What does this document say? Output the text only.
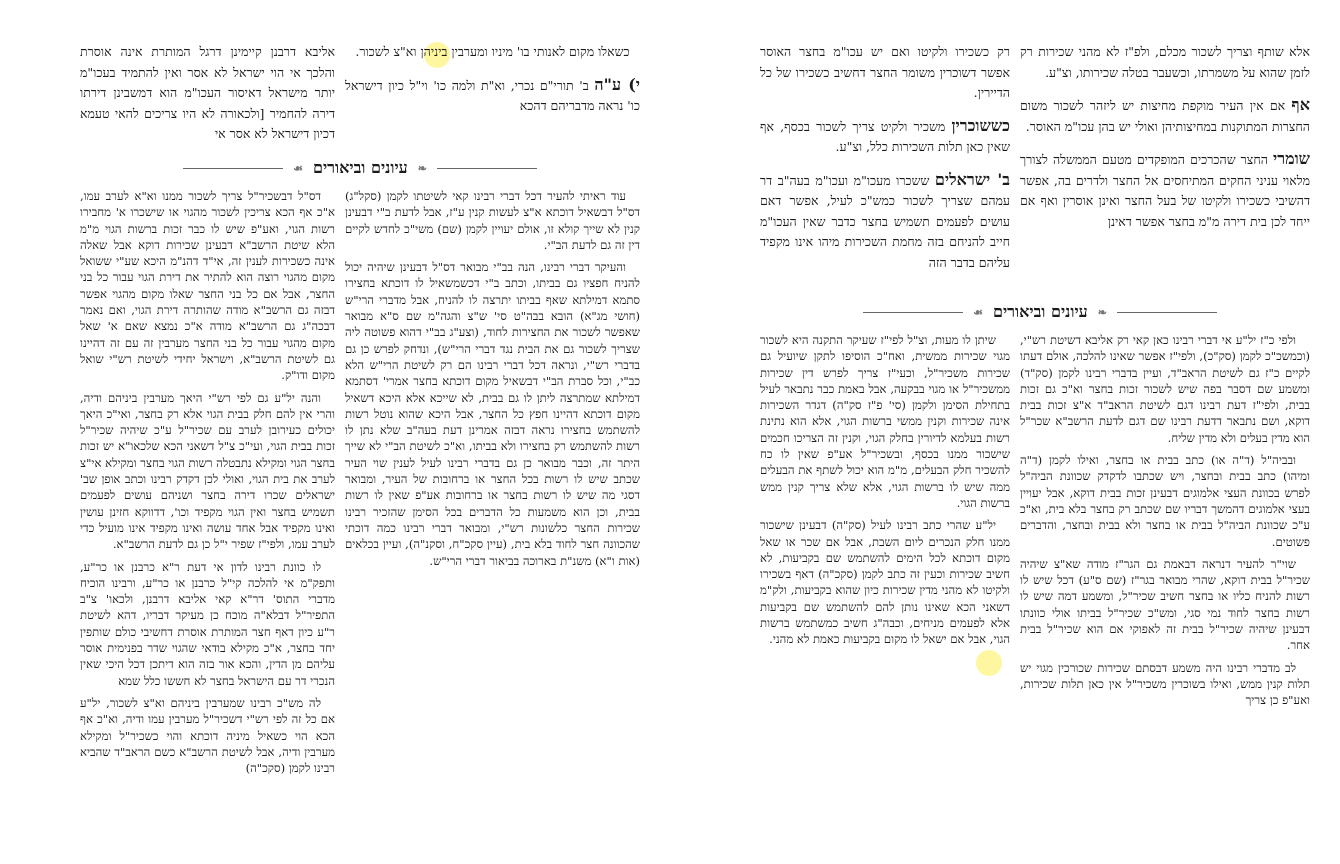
כשאלו מקום לאנותי בו' מיניו ומערבין ביניהן וא"צ לשכור.

י) ע"ה ב' תורי"ם נכרי, וא"ת ולמה כו' וי"ל כיון דישראל כו' נראה מדבריהם דהכא

אליבא דרבנן קיימינן דרגל המותרת אינה אוסרת והלכך אי הוי ישראל לא אסר ואין להתמיד בעכו"מ יותר מישראל דאיסור העכו"מ הוא דמשבינן דירתו דירה להחמיר [ולכאורה לא היו צריכים להאי טעמא דכיון דישראל לא אסר אי

❧
עיונים וביאורים
☙

עוד ראיתי להעיר דכל דברי רבינו קאי לשיטתו לקמן (סקל"ג) דס"ל דבשאיל דוכתא א"צ לעשות קנין ע"ז, אבל לדעת ב"י דבעינן קנין לא שייך קולא זו, אולם יעויין לקמן (שם) משי"כ לחדש לקיים דין זה גם לדעת הב"י.

והעיקר דברי רבינו, הנה בב"י מבואר דס"ל דבעינן שיהיה יכול להניח חפציו גם בביתו, וכתב ב"י דכשמשאיל לו דוכתא בחצירו סתמא דמילתא שאף בביתו יתרצה לו להניח, אבל מדברי הרי"ש (חושי מג"א) הובא בבה"ט סי' ש"צ והגה"מ שם ס"א מבואר שאפשר לשכור את החצירות לחוד, (וצע"ג בב"י דהוא פשוטה ליה שצריך לשכור גם את הבית נגד דברי הרי"ש), ונדחק לפרש כן גם בדברי רש"י, ונראה דכל דברי רבינו הם רק לשיטת הרי"ש הלא כב"י, וכל סברת הב"י דבשאיל מקום דוכתא בחצר אמרי' דסתמא דמילתא שמתרצה ליתן לו גם בבית, לא שייכא אלא היכא דשאיל מקום דוכתא דהיינו חפץ כל החצר, אבל היכא שהוא נוטל רשות להשתמש בחצירו נראה דבזה אמרינן דעת בעה"ב שלא נתן לו רשות להשתמש רק בחצירו ולא בביתו, וא"כ לשיטת הב"י לא שייך היתר זה, וכבר מבואר כן גם בדברי רבינו לעיל לענין שוי העיר שכתב שיש לו רשות בכל החצר או ברחובות של העיר, ומבואר דסגי מה שיש לו רשות בחצר או ברחובות אע"פ שאין לו רשות בבית, וכן הוא משמעות כל הדברים בכל הסימן שהזכיר רבינו שכירות החצר כלשונות רש"י, ומבואר דברי רבינו כמה דוכתי שהכוונה חצר לחוד בלא בית, (עיין סקכ"ח, וסקנ"ה), ועיין בכלאים (אות ו"א) משנ"ת בארוכה בביאור דברי הרי"ש.

דס"ל דבשכיר"ל צריך לשכור ממנו וא"א לערב עמו, א"כ אף הכא צריכין לשכור מהגוי או שישכרו א' מחבירו רשות הגוי, ואע"פ שיש לו כבר זכות ברשות הגוי מ"מ הלא שיטת הרשב"א דבעינן שכירות דוקא אבל שאלה אינה כשכירות לענין זה, אי"ד דהנ"מ היכא שע"י ששואל מקום מהגוי רוצה הוא להתיר את דירת הגוי עבור כל בני החצר, אבל אם כל בני החצר שאלו מקום מהגוי אפשר דבזה גם הרשב"א מודה שהותרה דירת הגוי, ואם נאמר דבכה"ג גם הרשב"א מודה א"כ נמצא שאם א' שאל מקום מהגוי עבור כל בני החצר מערבין זה עם זה דהיינו גם לשיטת הרשב"א, וישראל יחידי לשיטת רש"י שואל מקום ודו"ק.

והנה יל"ע גם לפי רש"י היאך מערבין ביניהם ודיה, והרי אין להם חלק בבית הגוי אלא רק בחצר, ואי"כ היאך יכולים כעירובן לערב עם שכיר"ל ע"כ שיהיה שכיר"ל זכות בבית הגוי, ועי"כ צ"ל דשאני הכא שלכאו"א יש זכות בחצר הגוי ומקילא נתבטלה רשות הגוי בחצר ומקילא אי"צ לערב את בית הגוי, ואולי לכן דקדק רבינו וכתב אופן שב' ישראלים שכרו דירה בחצר ושניהם עושים לפעמים תשמיש בחצר ואין הגוי מקפיד וכו', דדווקא חזינן עושין ואינו מקפיד אבל אחד עושה ואינו מקפיד אינו מועיל כדי לערב עמו, ולפי"ז שפיר י"ל כן גם לדעת הרשב"א.

לו כוונת רבינו לדון אי דעת ר"א כרבנן או כר"ע, ותפק"מ אי להלכה קי"ל כרבנן או כר"ע, ורבינו הוכיח מדברי התוס' דר"א קאי אליבא דרבנן, ולכאו' צ"ב התפיר"ל דבלא"ה מוכח כן מעיקר דבריו, דהא לשיטת ר"ע כיון דאף חצר המותרת אוסרת דחשיבי כולם שותפין יחד בחצר, א"כ מקילא בודאי שהגוי שדר בפנימית אוסר עליהם מן הדין, והכא אור בזה הוא דיתכן דכל היכי שאין הנכרי דר עם הישראל בחצר לא חששו כלל שמא

לה מש"כ רבינו שמערבין ביניהם וא"צ לשכור, יל"ע אם כל זה לפי רש"י דשכיר"ל מערבין עמו ודיה, וא"כ אף הכא הוי כשאיל מיניה דוכתא והוי כשכיר"ל ומקילא מערבין ודיה, אבל לשיטת הרשב"א כשם הראב"ד שהביא רבינו לקמן (סקכ"ה)

אלא שותף וצריך לשכור מכלם, ולפ"ז לא מהני שכירות רק לזמן שהוא על משמרתו, וכשעבר בטלה שכירותו, וצ"ע.

אף אם אין העיר מוקפת מחיצות יש ליזהר לשכור משום החצרות המתוקנות במחיצותיהן ואולי יש בהן עכו"מ האוסר.

שומרי החצר שהכרכים המופקדים מטעם הממשלה לצורך מלאוי עניני החקים המתיחסים אל החצר ולדרים בה, אפשר דהשיבי כשכירו ולקיטו של בעל החצר ואינן אוסרין ואף אם ייחד לכן בית דירה מ"מ בחצר אפשר דאינן

רק כשכירו ולקיטו ואם יש עכו"מ בחצר האוסר אפשר דשוכרין משומר החצר דחשיב כשכירו של כל הדיירין.

כששוכרין משכיר ולקיט צריך לשכור בכסף, אף שאין כאן תלות השכירות כלל, וצ"ע.

ב' ישראלים ששכרו מעכו"מ ועכו"מ בעה"ב דר עמהם שצריך לשכור כמש"כ לעיל, אפשר דאם עושים לפעמים תשמיש בחצר כדבר שאין העכו"מ חייב להניחם בזה מחמת השכירות מיהו אינו מקפיד עליהם בדבר הזה

❧
עיונים וביאורים
☙

ולפי כ"ז יל"ע אי דברי רבינו כאן קאי רק אליבא דשיטת רש"י, (וכמשכ"כ לקמן (סק"כ), ולפי"ז אפשר שאינו להלכה, אולם דעתו לקיים כ"ז גם לשיטת הראב"ד, ועיין בדברי רבינו לקמן (סק"ד) ומשמע שם דסבר בפה שיש לשכור זכות בחצר וא"כ גם זכות בבית, ולפי"ז דעת רבינו דגם לשיטת הראב"ד א"צ זכות בבית דוקא, ושם נתבאר דדעת רבינו שם דגם לדעת הרשב"א שכר"ל הוא מדין בעלים ולא מדין שליח.

ובביה"ל (ד"ה או) כתב בבית או בחצר, ואילו לקמן (ד"ה ומיהו) כתב בבית ובחצר, ויש שכתבו לדקדק שכוונת הביה"ל לפרש בכוונת העצי אלמוגים דבעינן זכות בבית דוקא, אבל יעויין בעצי אלמוגים דהמשך דבריו שם שכתב רק בחצר בלא בית, וא"כ ע"כ שכוונת הביה"ל בבית או בחצר ולא בבית ובחצר, והדברים פשוטים.

שוי"ר להעיר דנראה דבאמת גם הגר"ז מודה שא"צ שיהיה שכיר"ל בבית דוקא, שהרי מבואר בגר"ז (שם ס"ע) דכל שיש לו רשות להניח כליו או בחצר חשיב שכיר"ל, ומשמע דמה שיש לו רשות בחצר לחוד נמי סגי, ומש"כ שכיר"ל בביתו אולי כוונתו דבעינן שיהיה שכיר"ל בבית זה לאפוקי אם הוא שכיר"ל בבית אחר.

לב מדברי רבינו היה משמע דבסתם שכירות שכורכין מגוי יש תלות קנין ממש, ואילו בשוכרין משכיר"ל אין כאן תלות שכירות, ואע"פ כן צריך

שיתן לו מעות, וצ"ל לפי"ז שעיקר התקנה היא לשכור מגוי שכירות ממשית, ואח"כ הוסיפו לתקן שיועיל גם שכירות משכיר"ל, וכעי"ז צריך לפרש דין שכירות ממשכיר"ל או מגוי בבקעה, אבל באמת כבר נתבאר לעיל בתחילת הסימן ולקמן (סי' פ"ז סק"ה) דגדר השכירות אינה שכירות וקנין ממשי ברשות הגוי, אלא הוא נתינת רשות בעלמא לדיורין בחלק הגוי, וקנין זה הצריכו חכמים שישכור ממנו בכסף, ובשכיר"ל אע"פ שאין לו כח להשכיר חלק הבעלים, מ"מ הוא יכול לשתף את הבעלים ממה שיש לו ברשות הגוי, אלא שלא צריך קנין ממש ברשות הגוי.

יל"ע שהרי כתב רבינו לעיל (סק"ה) דבעינן שישכור ממנו חלק הנכרים ליום השבת, אבל אם שכר או שאל מקום דוכתא לכל הימים להשתמש שם בקביעות, לא חשיב שכירות וכעין זה כתב לקמן (סקכ"ה) דאף בשכירו ולקיטו לא מהני מדין שכירות כיון שהוא בקביעות, ולק"מ דשאני הכא שאינו נותן להם להשתמש שם בקביעות אלא לפעמים מניחים, וכבה"ג חשיב כמשתמש ברשות הגוי, אבל אם ישאל לו מקום בקביעות כאמת לא מהני.
